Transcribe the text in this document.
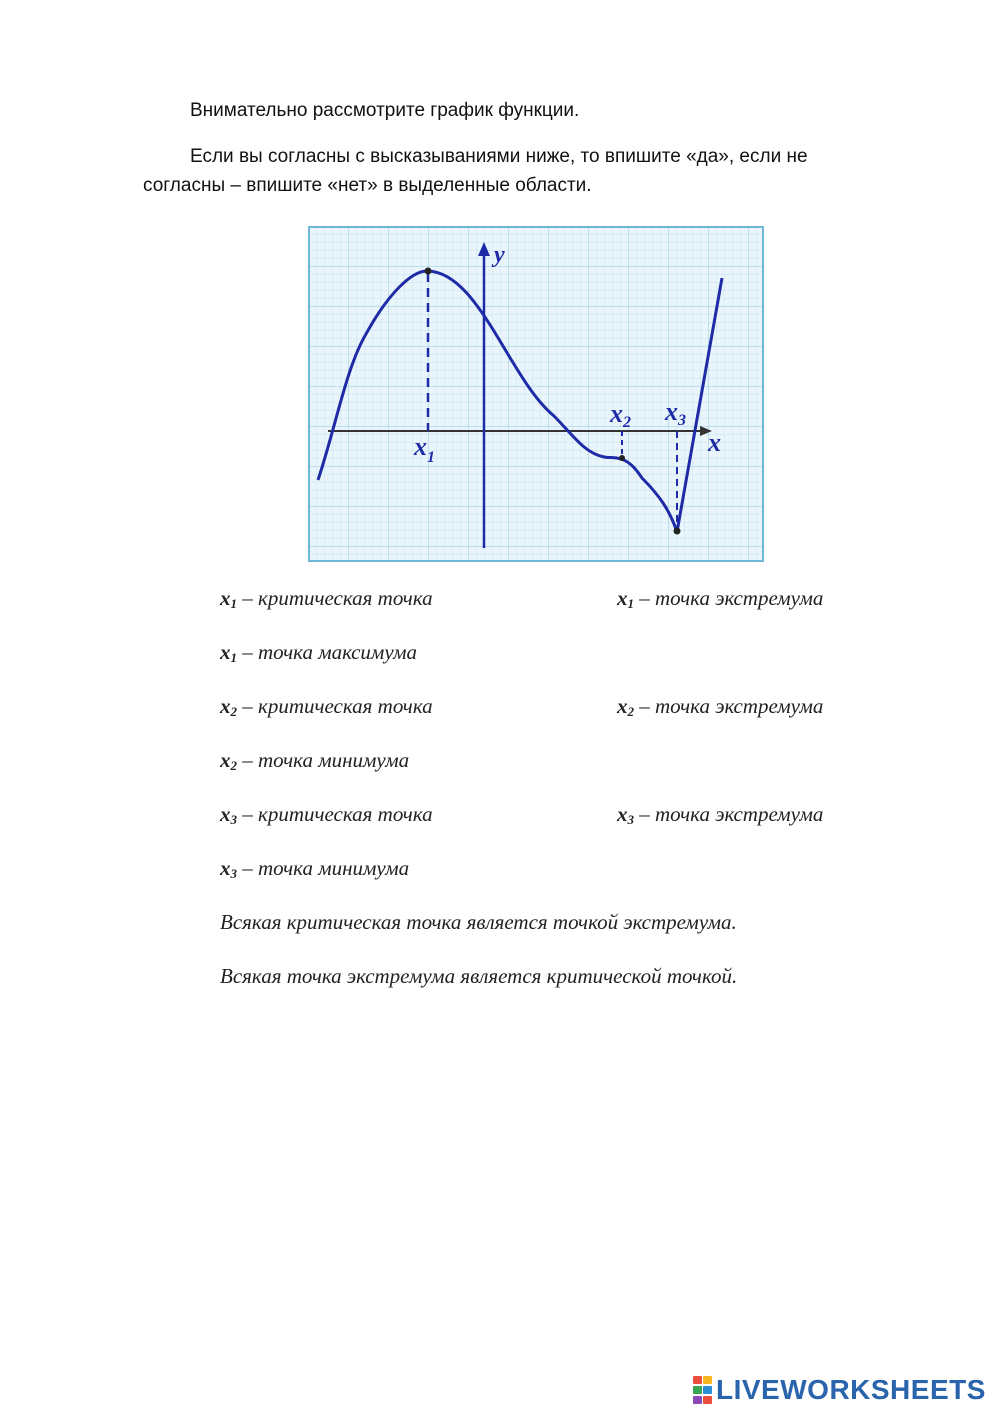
Внимательно рассмотрите график функции.
Если вы согласны с высказываниями ниже, то впишите «да», если не
согласны – впишите «нет» в выделенные области.
y
x
$x_1$
x2 x3
$x_1$ – критическая точка	$x_1$ – точка экстремума
$x_1$ – точка максимума
$x_2$ – критическая точка	$x_2$ – точка экстремума
$x_2$ – точка минимума
$x_3$ – критическая точка	$x_3$ – точка экстремума
$x_3$ – точка минимума
Всякая критическая точка является точкой экстремума.
Всякая точка экстремума является критической точкой.
LIVEWORKSHEETS
